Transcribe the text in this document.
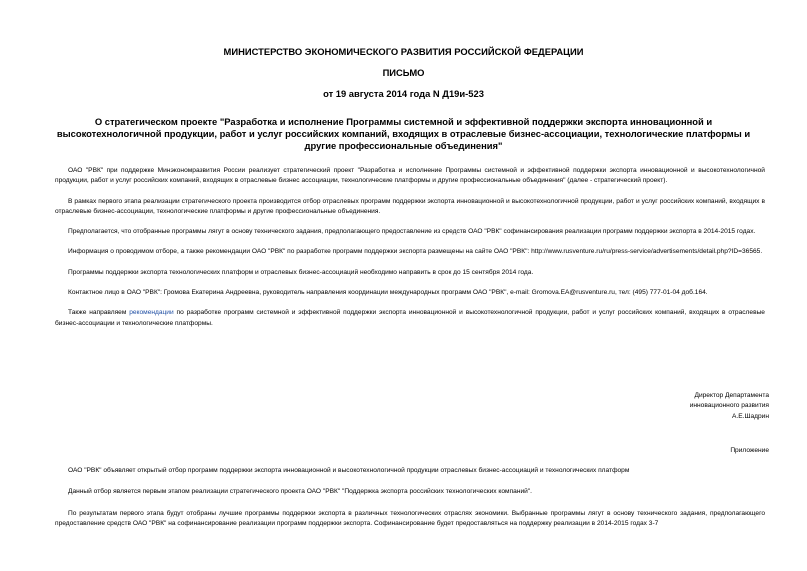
МИНИСТЕРСТВО ЭКОНОМИЧЕСКОГО РАЗВИТИЯ РОССИЙСКОЙ ФЕДЕРАЦИИ

ПИСЬМО

от 19 августа 2014 года N Д19и-523

О стратегическом проекте "Разработка и исполнение Программы системной и эффективной поддержки экспорта инновационной и высокотехнологичной продукции, работ и услуг российских компаний, входящих в отраслевые бизнес-ассоциации, технологические платформы и другие профессиональные объединения"

ОАО "РВК" при поддержке Минэкономразвития России реализует стратегический проект "Разработка и исполнение Программы системной и эффективной поддержки экспорта инновационной и высокотехнологичной продукции, работ и услуг российских компаний, входящих в отраслевые бизнес ассоциации, технологические платформы и другие профессиональные объединения" (далее - стратегический проект).

В рамках первого этапа реализации стратегического проекта производится отбор отраслевых программ поддержки экспорта инновационной и высокотехнологичной продукции, работ и услуг российских компаний, входящих в отраслевые бизнес-ассоциации, технологические платформы и другие профессиональные объединения.

Предполагается, что отобранные программы лягут в основу технического задания, предполагающего предоставление из средств ОАО "РВК" софинансирования реализации программ поддержки экспорта в 2014-2015 годах.

Информация о проводимом отборе, а также рекомендации ОАО "РВК" по разработке программ поддержки экспорта размещены на сайте ОАО "РВК": http://www.rusventure.ru/ru/press-service/advertisements/detail.php?ID=36565.

Программы поддержки экспорта технологических платформ и отраслевых бизнес-ассоциаций необходимо направить в срок до 15 сентября 2014 года.

Контактное лицо в ОАО "РВК": Громова Екатерина Андреевна, руководитель направления координации международных программ ОАО "РВК", e-mail: Gromova.EA@rusventure.ru, тел: (495) 777-01-04 доб.164.

Также направляем рекомендации по разработке программ системной и эффективной поддержки экспорта инновационной и высокотехнологичной продукции, работ и услуг российских компаний, входящих в отраслевые бизнес-ассоциации и технологические платформы.

Директор Департамента
инновационного развития
А.Е.Шадрин
Приложение

ОАО "РВК" объявляет открытый отбор программ поддержки экспорта инновационной и высокотехнологичной продукции отраслевых бизнес-ассоциаций и технологических платформ

Данный отбор является первым этапом реализации стратегического проекта ОАО "РВК" "Поддержка экспорта российских технологических компаний".

По результатам первого этапа будут отобраны лучшие программы поддержки экспорта в различных технологических отраслях экономики. Выбранные программы лягут в основу технического задания, предполагающего предоставление средств ОАО "РВК" на софинансирование реализации программ поддержки экспорта. Софинансирование будет предоставляться на поддержку реализации в 2014-2015 годах 3-7
